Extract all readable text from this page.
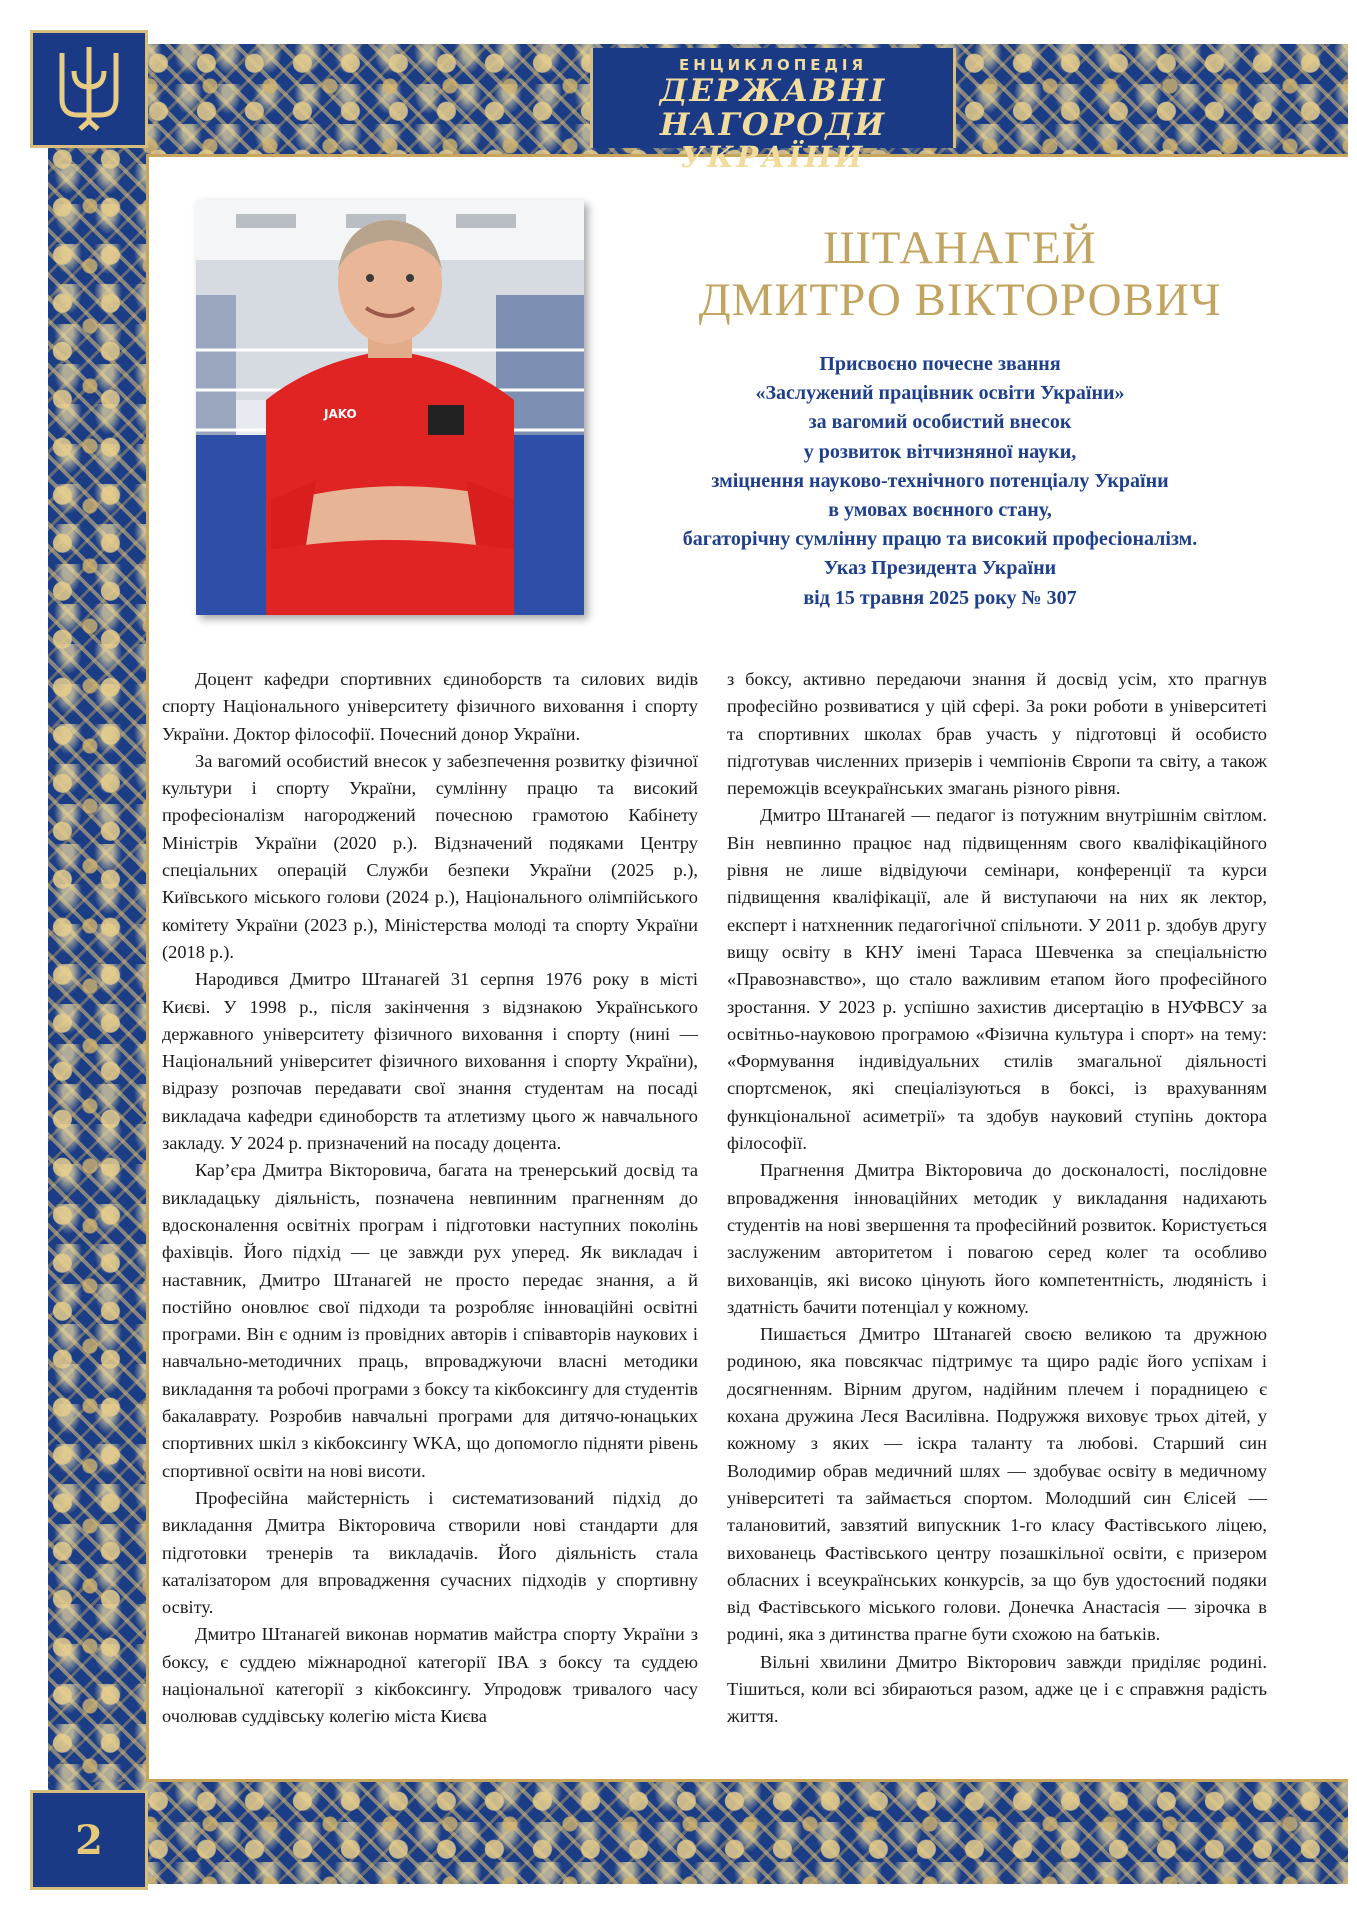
ЕНЦИКЛОПЕДІЯ
ДЕРЖАВНІ НАГОРОДИ
УКРАЇНИ
2
JAKO
ШТАНАГЕЙ
ДМИТРО ВІКТОРОВИЧ
Присвоєно почесне звання
«Заслужений працівник освіти України»
за вагомий особистий внесок
у розвиток вітчизняної науки,
зміцнення науково-технічного потенціалу України
в умовах воєнного стану,
багаторічну сумлінну працю та високий професіоналізм.
Указ Президента України
від 15 травня 2025 року № 307

Доцент кафедри спортивних єдиноборств та силових видів спорту Національного університету фізичного виховання і спорту України. Доктор філософії. Почесний донор України.

За вагомий особистий внесок у забезпечення розвитку фізичної культури і спорту України, сумлінну працю та високий професіоналізм нагороджений почесною грамотою Кабінету Міністрів України (2020 р.). Відзначений подяками Центру спеціальних операцій Служби безпеки України (2025 р.), Київського міського голови (2024 р.), Національного олімпійського комітету України (2023 р.), Міністерства молоді та спорту України (2018 р.).

Народився Дмитро Штанагей 31 серпня 1976 року в місті Києві. У 1998 р., після закінчення з відзнакою Українського державного університету фізичного виховання і спорту (нині — Національний університет фізичного виховання і спорту України), відразу розпочав передавати свої знання студентам на посаді викладача кафедри єдиноборств та атлетизму цього ж навчального закладу. У 2024 р. призначений на посаду доцента.

Кар’єра Дмитра Вікторовича, багата на тренерський досвід та викладацьку діяльність, позначена невпинним прагненням до вдосконалення освітніх програм і підготовки наступних поколінь фахівців. Його підхід — це завжди рух уперед. Як викладач і наставник, Дмитро Штанагей не просто передає знання, а й постійно оновлює свої підходи та розробляє інноваційні освітні програми. Він є одним із провідних авторів і співавторів наукових і навчально-методичних праць, впроваджуючи власні методики викладання та робочі програми з боксу та кікбоксингу для студентів бакалаврату. Розробив навчальні програми для дитячо-юнацьких спортивних шкіл з кікбоксингу WKA, що допомогло підняти рівень спортивної освіти на нові висоти.

Професійна майстерність і систематизований підхід до викладання Дмитра Вікторовича створили нові стандарти для підготовки тренерів та викладачів. Його діяльність стала каталізатором для впровадження сучасних підходів у спортивну освіту.

Дмитро Штанагей виконав норматив майстра спорту України з боксу, є суддею міжнародної категорії IBA з боксу та суддею національної категорії з кікбоксингу. Упродовж тривалого часу очолював суддівську колегію міста Києва

з боксу, активно передаючи знання й досвід усім, хто прагнув професійно розвиватися у цій сфері. За роки роботи в університеті та спортивних школах брав участь у підготовці й особисто підготував численних призерів і чемпіонів Європи та світу, а також переможців всеукраїнських змагань різного рівня.

Дмитро Штанагей — педагог із потужним внутрішнім світлом. Він невпинно працює над підвищенням свого кваліфікаційного рівня не лише відвідуючи семінари, конференції та курси підвищення кваліфікації, але й виступаючи на них як лектор, експерт і натхненник педагогічної спільноти. У 2011 р. здобув другу вищу освіту в КНУ імені Тараса Шевченка за спеціальністю «Правознавство», що стало важливим етапом його професійного зростання. У 2023 р. успішно захистив дисертацію в НУФВСУ за освітньо-науковою програмою «Фізична культура і спорт» на тему: «Формування індивідуальних стилів змагальної діяльності спортсменок, які спеціалізуються в боксі, із врахуванням функціональної асиметрії» та здобув науковий ступінь доктора філософії.

Прагнення Дмитра Вікторовича до досконалості, послідовне впровадження інноваційних методик у викладання надихають студентів на нові звершення та професійний розвиток. Користується заслуженим авторитетом і повагою серед колег та особливо вихованців, які високо цінують його компетентність, людяність і здатність бачити потенціал у кожному.

Пишається Дмитро Штанагей своєю великою та дружною родиною, яка повсякчас підтримує та щиро радіє його успіхам і досягненням. Вірним другом, надійним плечем і порадницею є кохана дружина Леся Василівна. Подружжя виховує трьох дітей, у кожному з яких — іскра таланту та любові. Старший син Володимир обрав медичний шлях — здобуває освіту в медичному університеті та займається спортом. Молодший син Єлісей — талановитий, завзятий випускник 1-го класу Фастівського ліцею, вихованець Фастівського центру позашкільної освіти, є призером обласних і всеукраїнських конкурсів, за що був удостоєний подяки від Фастівського міського голови. Донечка Анастасія — зірочка в родині, яка з дитинства прагне бути схожою на батьків.

Вільні хвилини Дмитро Вікторович завжди приділяє родині. Тішиться, коли всі збираються разом, адже це і є справжня радість життя.
